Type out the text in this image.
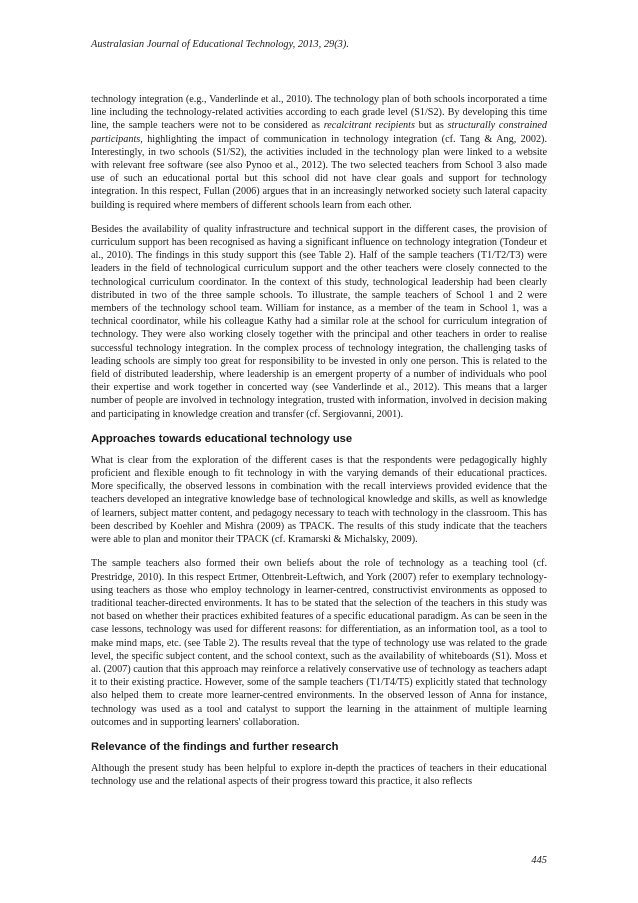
Australasian Journal of Educational Technology, 2013, 29(3).

technology integration (e.g., Vanderlinde et al., 2010). The technology plan of both schools incorporated a time line including the technology-related activities according to each grade level (S1/S2). By developing this time line, the sample teachers were not to be considered as recalcitrant recipients but as structurally constrained participants, highlighting the impact of communication in technology integration (cf. Tang & Ang, 2002). Interestingly, in two schools (S1/S2), the activities included in the technology plan were linked to a website with relevant free software (see also Pynoo et al., 2012). The two selected teachers from School 3 also made use of such an educational portal but this school did not have clear goals and support for technology integration. In this respect, Fullan (2006) argues that in an increasingly networked society such lateral capacity building is required where members of different schools learn from each other.

Besides the availability of quality infrastructure and technical support in the different cases, the provision of curriculum support has been recognised as having a significant influence on technology integration (Tondeur et al., 2010). The findings in this study support this (see Table 2). Half of the sample teachers (T1/T2/T3) were leaders in the field of technological curriculum support and the other teachers were closely connected to the technological curriculum coordinator. In the context of this study, technological leadership had been clearly distributed in two of the three sample schools. To illustrate, the sample teachers of School 1 and 2 were members of the technology school team. William for instance, as a member of the team in School 1, was a technical coordinator, while his colleague Kathy had a similar role at the school for curriculum integration of technology. They were also working closely together with the principal and other teachers in order to realise successful technology integration. In the complex process of technology integration, the challenging tasks of leading schools are simply too great for responsibility to be invested in only one person. This is related to the field of distributed leadership, where leadership is an emergent property of a number of individuals who pool their expertise and work together in concerted way (see Vanderlinde et al., 2012). This means that a larger number of people are involved in technology integration, trusted with information, involved in decision making and participating in knowledge creation and transfer (cf. Sergiovanni, 2001).

Approaches towards educational technology use

What is clear from the exploration of the different cases is that the respondents were pedagogically highly proficient and flexible enough to fit technology in with the varying demands of their educational practices. More specifically, the observed lessons in combination with the recall interviews provided evidence that the teachers developed an integrative knowledge base of technological knowledge and skills, as well as knowledge of learners, subject matter content, and pedagogy necessary to teach with technology in the classroom. This has been described by Koehler and Mishra (2009) as TPACK. The results of this study indicate that the teachers were able to plan and monitor their TPACK (cf. Kramarski & Michalsky, 2009).

The sample teachers also formed their own beliefs about the role of technology as a teaching tool (cf. Prestridge, 2010). In this respect Ertmer, Ottenbreit-Leftwich, and York (2007) refer to exemplary technology-using teachers as those who employ technology in learner-centred, constructivist environments as opposed to traditional teacher-directed environments. It has to be stated that the selection of the teachers in this study was not based on whether their practices exhibited features of a specific educational paradigm. As can be seen in the case lessons, technology was used for different reasons: for differentiation, as an information tool, as a tool to make mind maps, etc. (see Table 2). The results reveal that the type of technology use was related to the grade level, the specific subject content, and the school context, such as the availability of whiteboards (S1). Moss et al. (2007) caution that this approach may reinforce a relatively conservative use of technology as teachers adapt it to their existing practice. However, some of the sample teachers (T1/T4/T5) explicitly stated that technology also helped them to create more learner-centred environments. In the observed lesson of Anna for instance, technology was used as a tool and catalyst to support the learning in the attainment of multiple learning outcomes and in supporting learners' collaboration.

Relevance of the findings and further research

Although the present study has been helpful to explore in-depth the practices of teachers in their educational technology use and the relational aspects of their progress toward this practice, it also reflects

445
